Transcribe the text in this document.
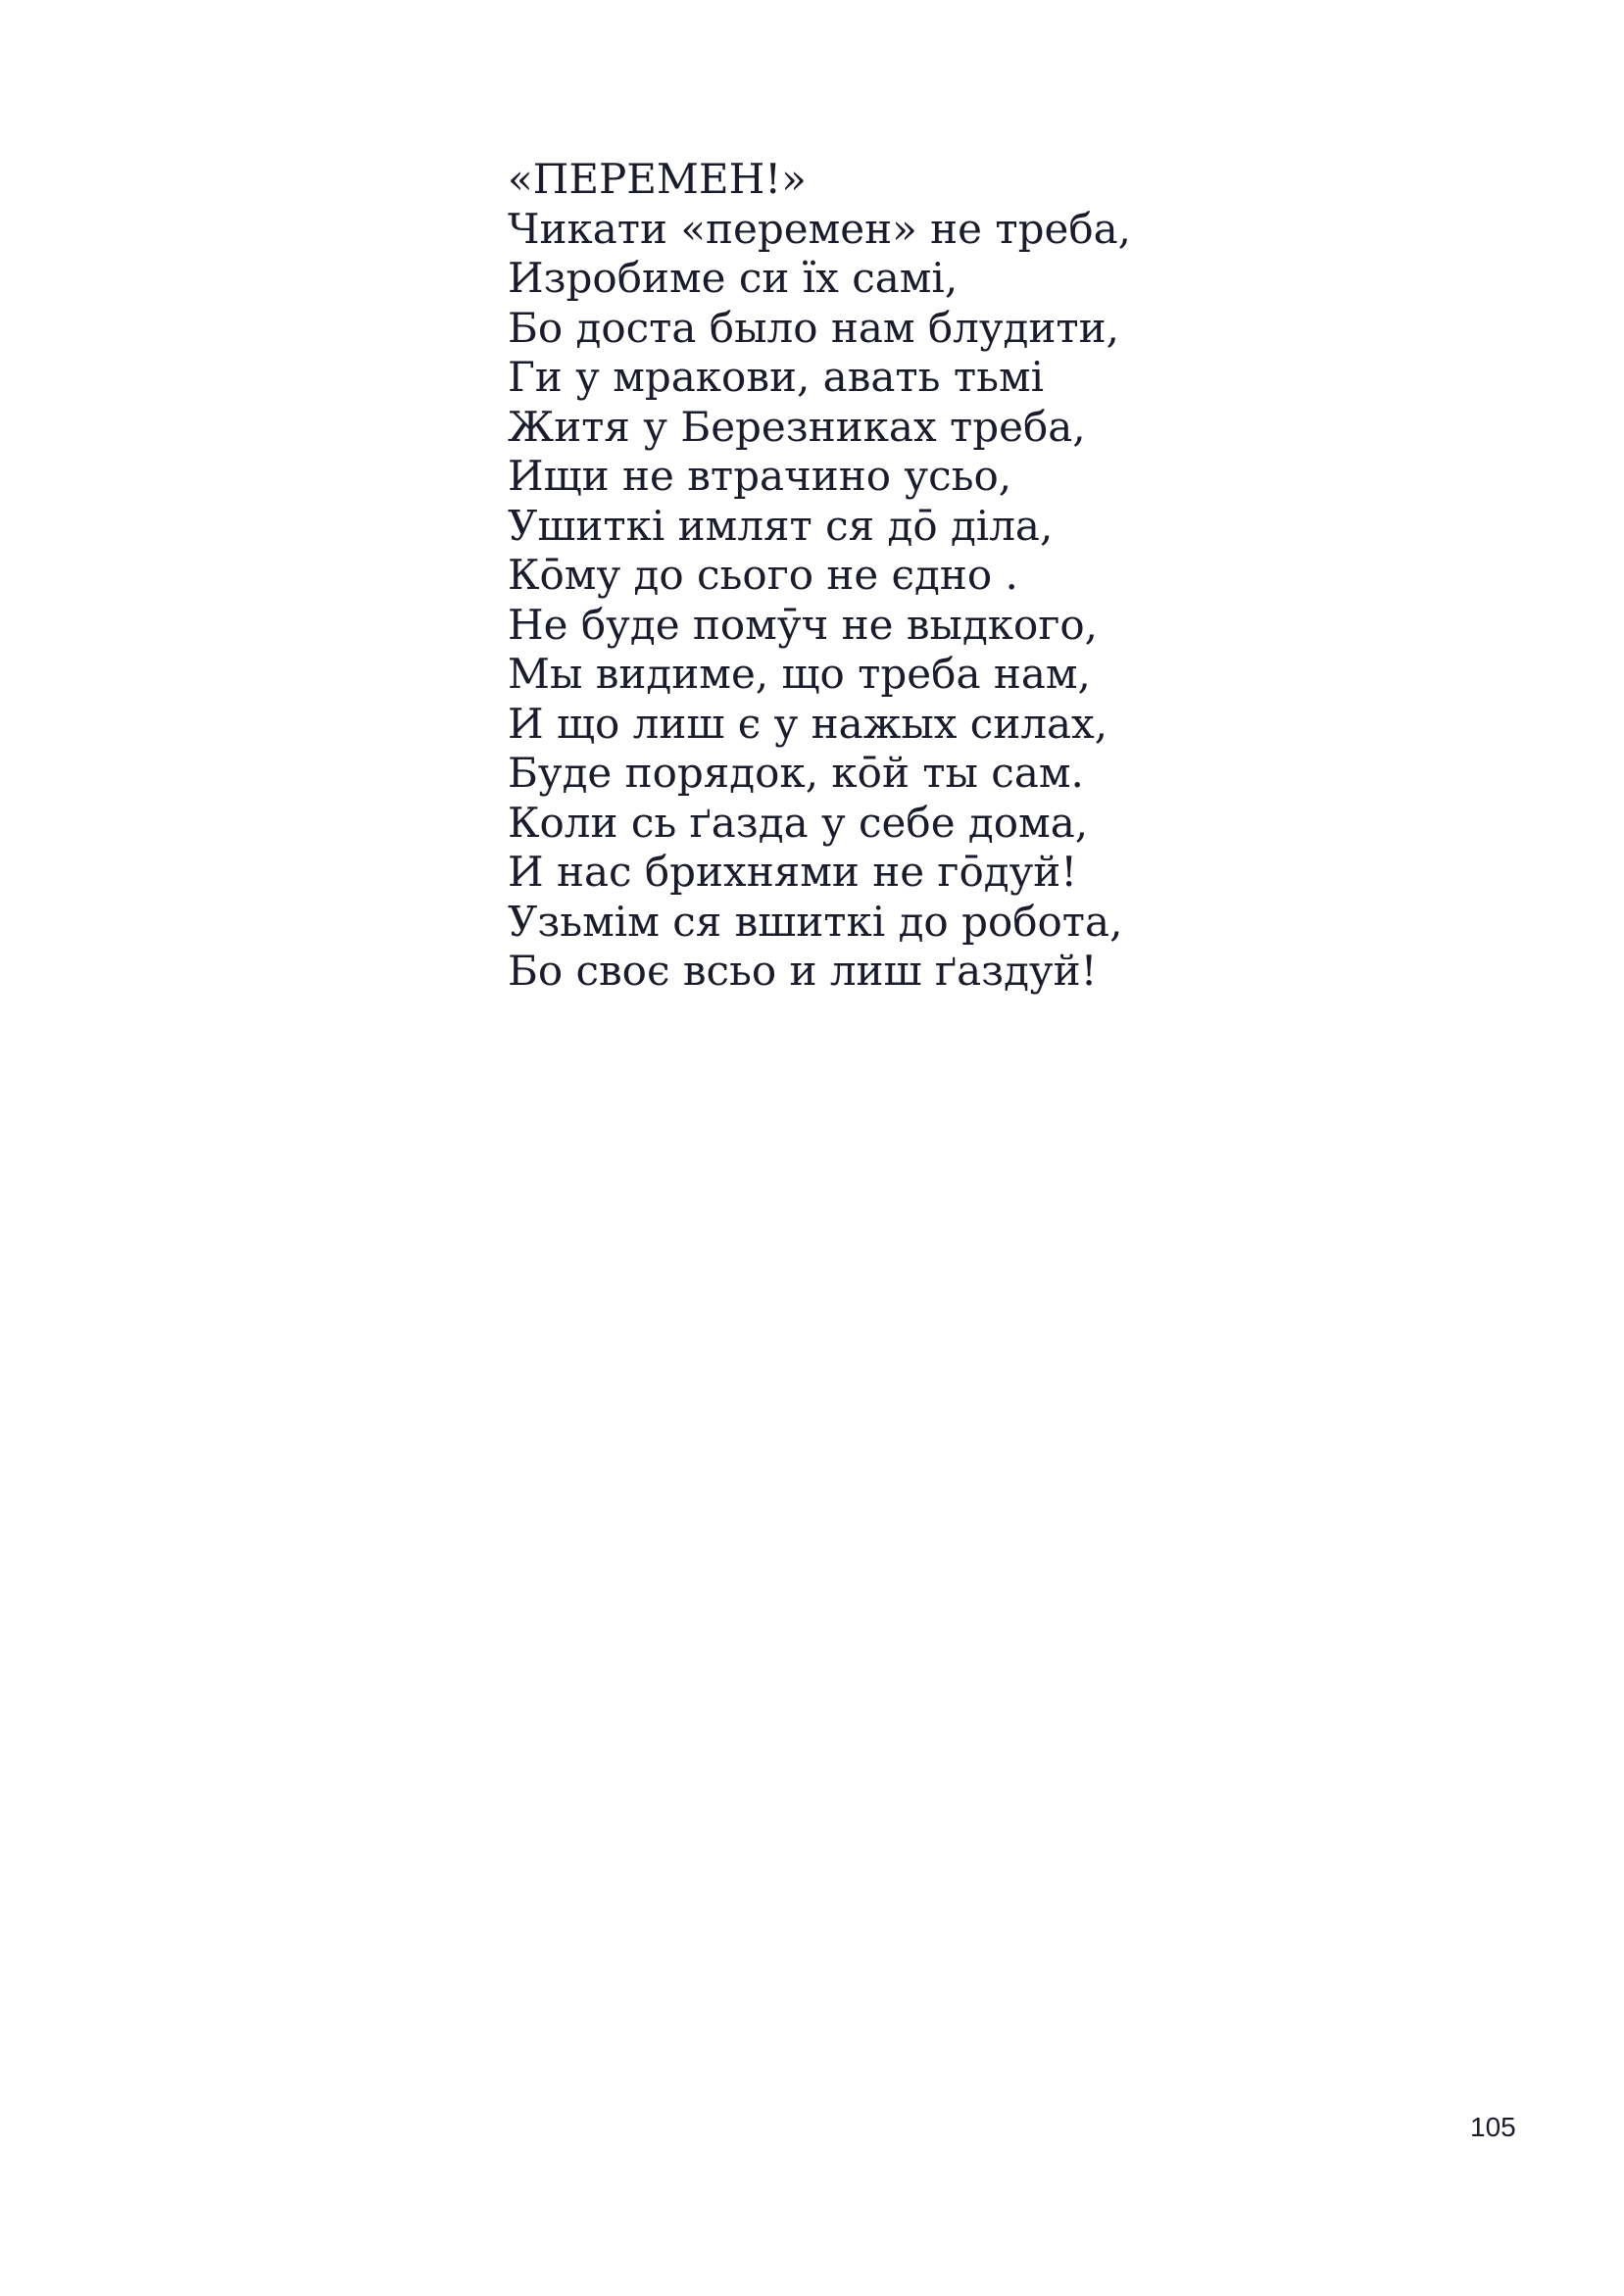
«ПЕРЕМЕН!»
Чикати «перемен» не треба,
Изробиме си їх самі,
Бо доста было нам блудити,
Ги у мракови, авать тьмі
Житя у Березниках треба,
Ищи не втрачино усьо,
Ушиткі имлят ся дō діла,
Кōму до сього не єдно .
Не буде помӯч не выдкого,
Мы видиме, що треба нам,
И що лиш є у нажых силах,
Буде порядок, кōй ты сам.
Коли сь ґазда у себе дома,
И нас брихнями не гōдуй!
Узьмім ся вшиткі до робота,
Бо своє всьо и лиш ґаздуй!
105
